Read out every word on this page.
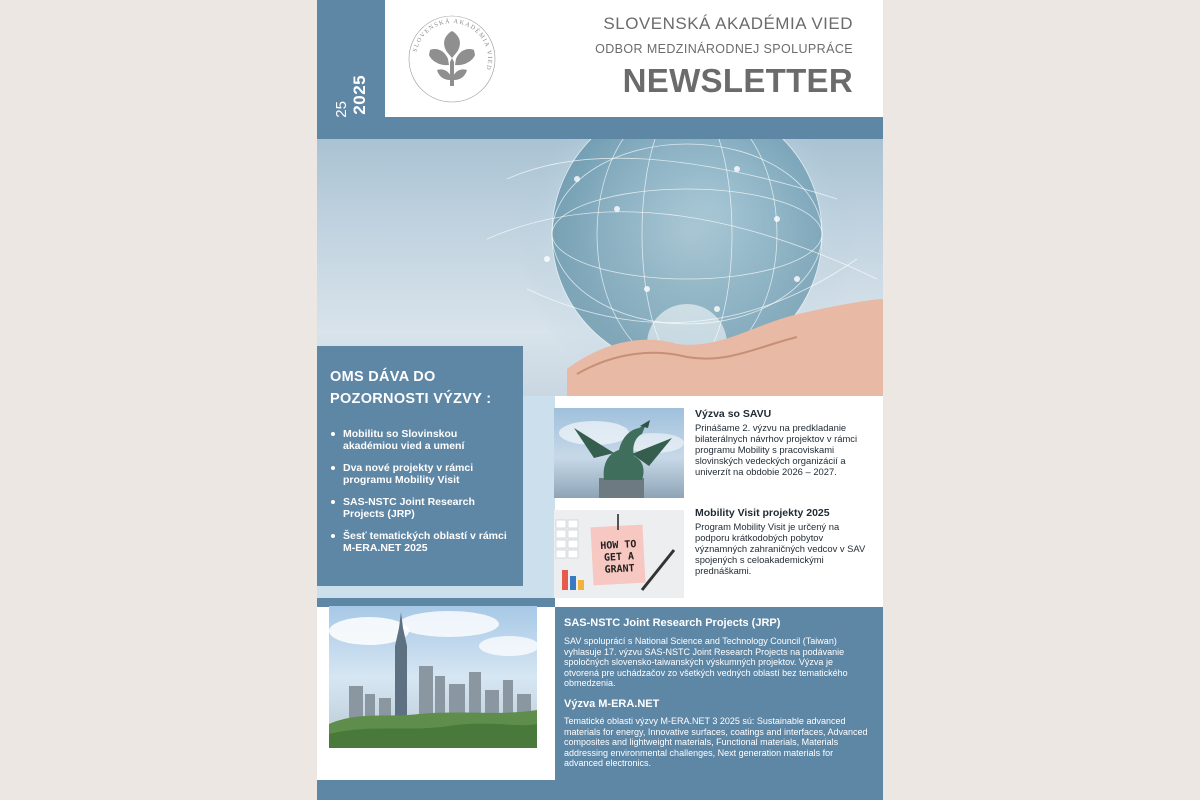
SLOVENSKÁ AKADÉMIA VIED
SLOVENSKÁ AKADÉMIA VIED
ODBOR MEDZINÁRODNEJ SPOLUPRÁCE
NEWSLETTER
OMS DÁVA DO POZORNOSTI VÝZVY :
Mobilitu so Slovinskou akadémiou vied a umení
Dva nové projekty v rámci programu Mobility Visit
SAS-NSTC Joint Research Projects (JRP)
Šesť tematických oblastí v rámci M-ERA.NET 2025	HOW TO
GET A
GRANT
Výzva so SAVU
Prinášame 2. výzvu na predkladanie bilaterálnych návrhov projektov v rámci programu Mobility s pracoviskami slovinských vedeckých organizácií a univerzít na obdobie 2026 – 2027.
Mobility Visit projekty 2025
Program Mobility Visit je určený na podporu krátkodobých pobytov významných zahraničných vedcov v SAV spojených s celoakademickými prednáškami.
SAS-NSTC Joint Research Projects (JRP)
SAV spoluprácí s National Science and Technology Council (Taiwan) vyhlasuje 17. výzvu SAS-NSTC Joint Research Projects na podávanie spoločných slovensko-taiwanských výskumných projektov. Výzva je otvorená pre uchádzačov zo všetkých vedných oblastí bez tematického obmedzenia.
Výzva M-ERA.NET
Tematické oblasti výzvy M-ERA.NET 3 2025 sú: Sustainable advanced materials for energy, Innovative surfaces, coatings and interfaces, Advanced composites and lightweight materials, Functional materials, Materials addressing environmental challenges, Next generation materials for advanced electronics.
